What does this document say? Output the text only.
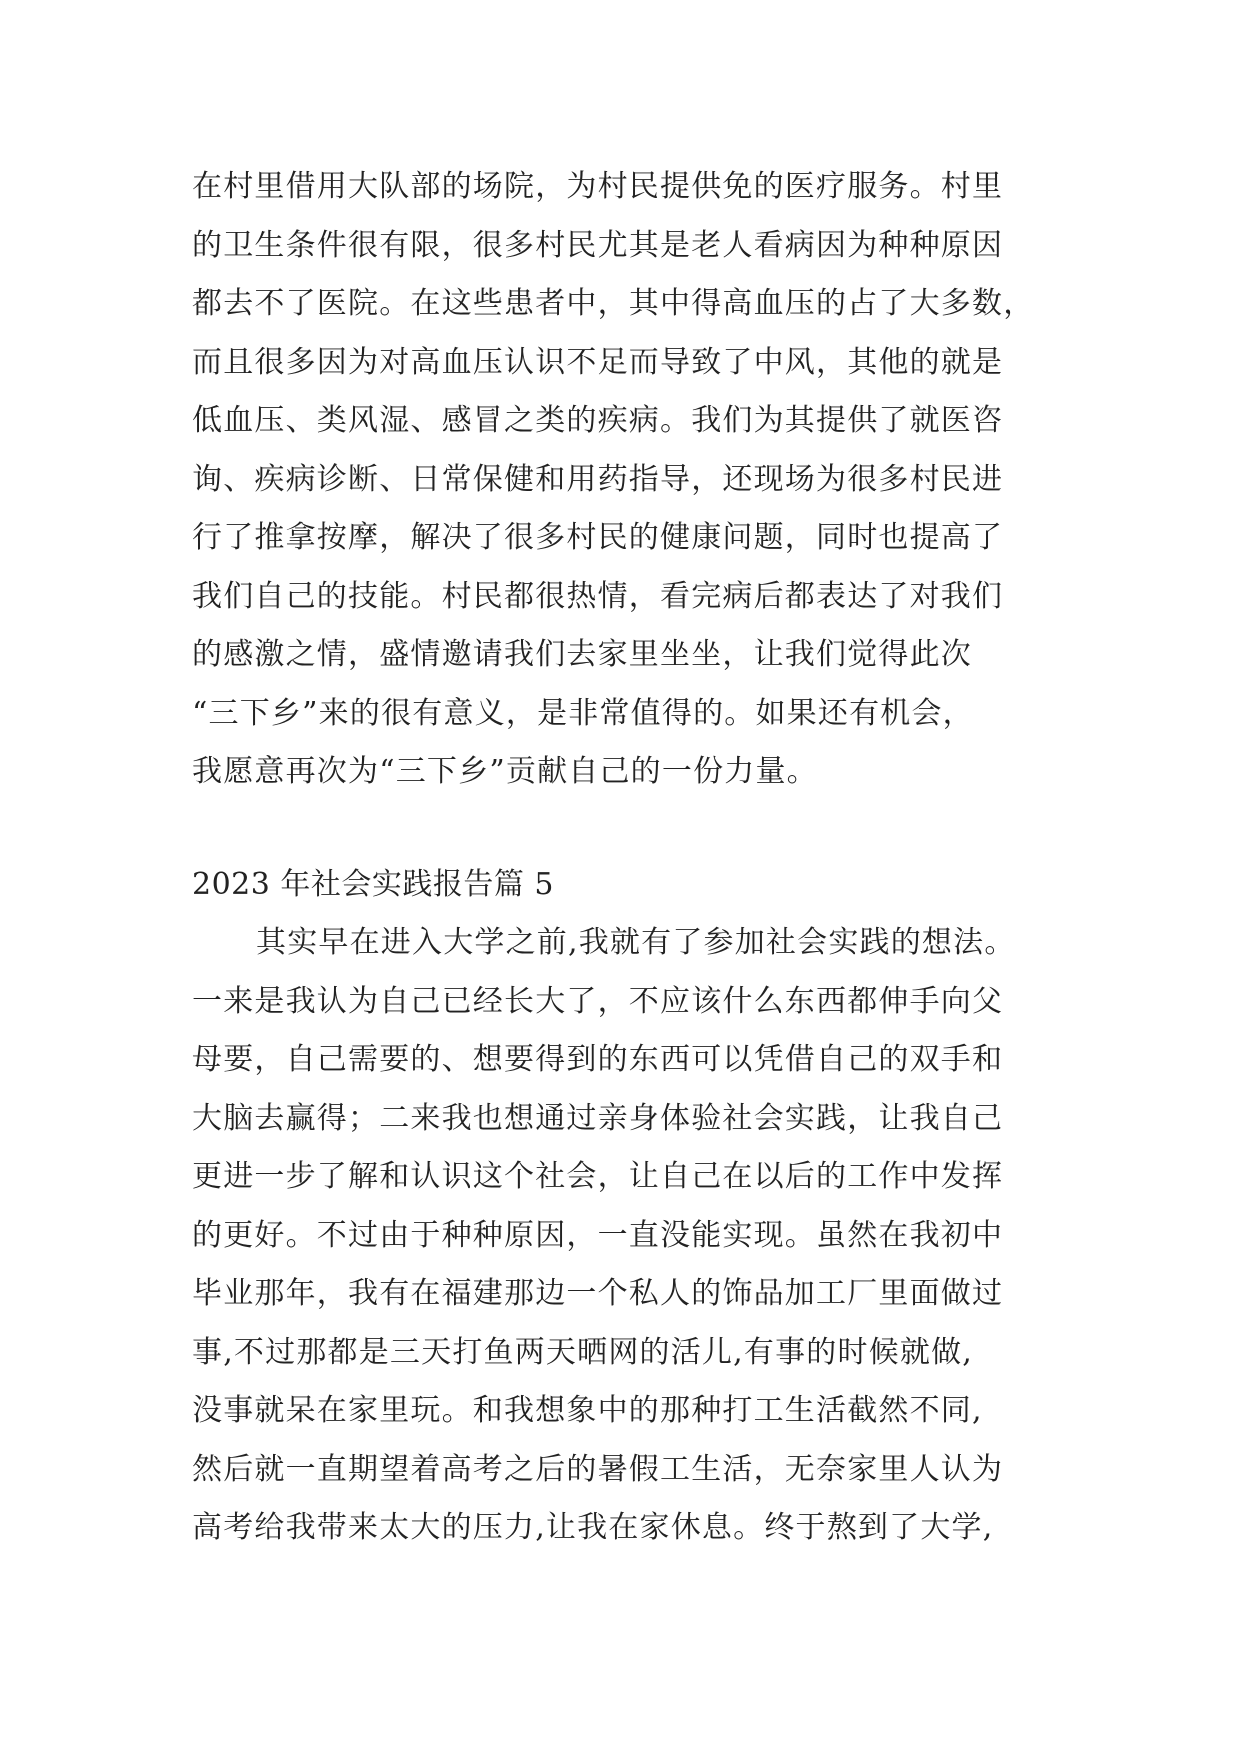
在村里借用大队部的场院，为村民提供免的医疗服务。村里
的卫生条件很有限，很多村民尤其是老人看病因为种种原因
都去不了医院。在这些患者中，其中得高血压的占了大多数，
而且很多因为对高血压认识不足而导致了中风，其他的就是
低血压、类风湿、感冒之类的疾病。我们为其提供了就医咨
询、疾病诊断、日常保健和用药指导，还现场为很多村民进
行了推拿按摩，解决了很多村民的健康问题，同时也提高了
我们自己的技能。村民都很热情，看完病后都表达了对我们
的感激之情，盛情邀请我们去家里坐坐，让我们觉得此次
“三下乡”来的很有意义，是非常值得的。如果还有机会，
我愿意再次为“三下乡”贡献自己的一份力量。
2023 年社会实践报告篇 5
其实早在进入大学之前,我就有了参加社会实践的想法。
一来是我认为自己已经长大了，不应该什么东西都伸手向父
母要，自己需要的、想要得到的东西可以凭借自己的双手和
大脑去赢得；二来我也想通过亲身体验社会实践，让我自己
更进一步了解和认识这个社会，让自己在以后的工作中发挥
的更好。不过由于种种原因，一直没能实现。虽然在我初中
毕业那年，我有在福建那边一个私人的饰品加工厂里面做过
事,不过那都是三天打鱼两天晒网的活儿,有事的时候就做,
没事就呆在家里玩。和我想象中的那种打工生活截然不同,
然后就一直期望着高考之后的暑假工生活，无奈家里人认为
高考给我带来太大的压力,让我在家休息。终于熬到了大学,
